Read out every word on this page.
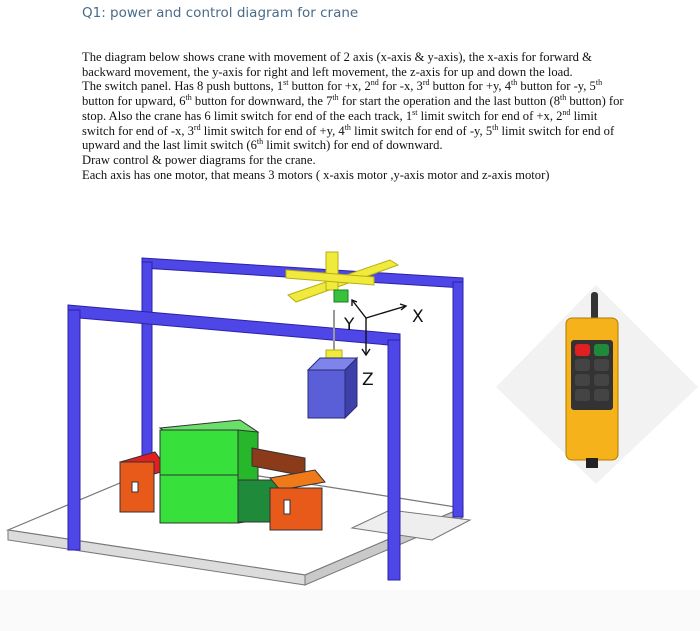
Q1: power and control diagram for crane

The diagram below shows crane with movement of 2 axis (x-axis & y-axis), the x-axis for forward & backward movement, the y-axis for right and left movement, the z-axis for up and down the load.

The switch panel. Has 8 push buttons, 1st button for +x, 2nd for -x, 3rd button for +y, 4th button for -y, 5th button for upward, 6th button for downward, the 7th for start the operation and the last button (8th button) for stop. Also the crane has 6 limit switch for end of the each track, 1st limit switch for end of +x, 2nd limit switch for end of -x, 3rd limit switch for end of +y, 4th limit switch for end of -y, 5th limit switch for end of upward and the last limit switch (6th limit switch) for end of downward.

Draw control & power diagrams for the crane.

Each axis has one motor, that means 3 motors ( x-axis motor ,y-axis motor and z-axis motor)

X
Y
Z
